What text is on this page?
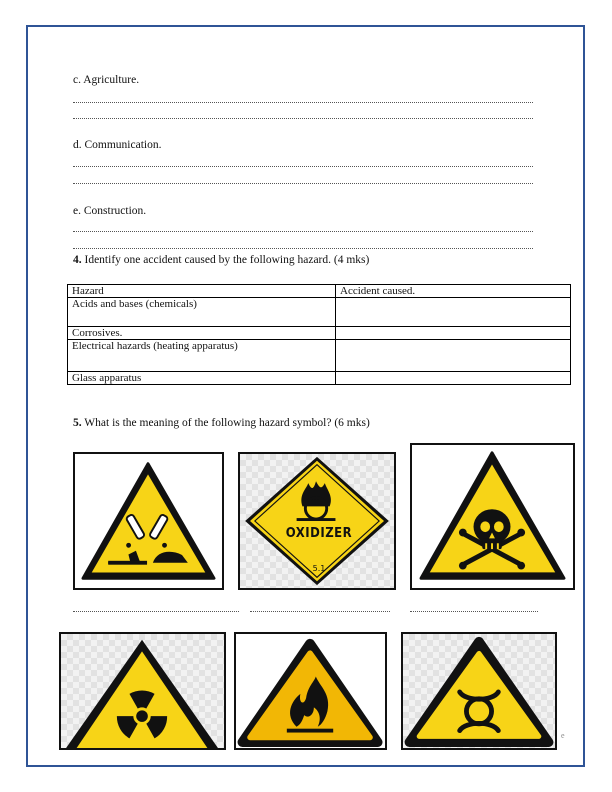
c. Agriculture.
d. Communication.
e. Construction.
4. Identify one accident caused by the following hazard. (4 mks)
Hazard	Accident caused.
Acids and bases (chemicals)	
Corrosives.	
Electrical hazards (heating apparatus)	
Glass apparatus	
5. What is the meaning of the following hazard symbol? (6 mks)
OXIDIZER
5.1
e
